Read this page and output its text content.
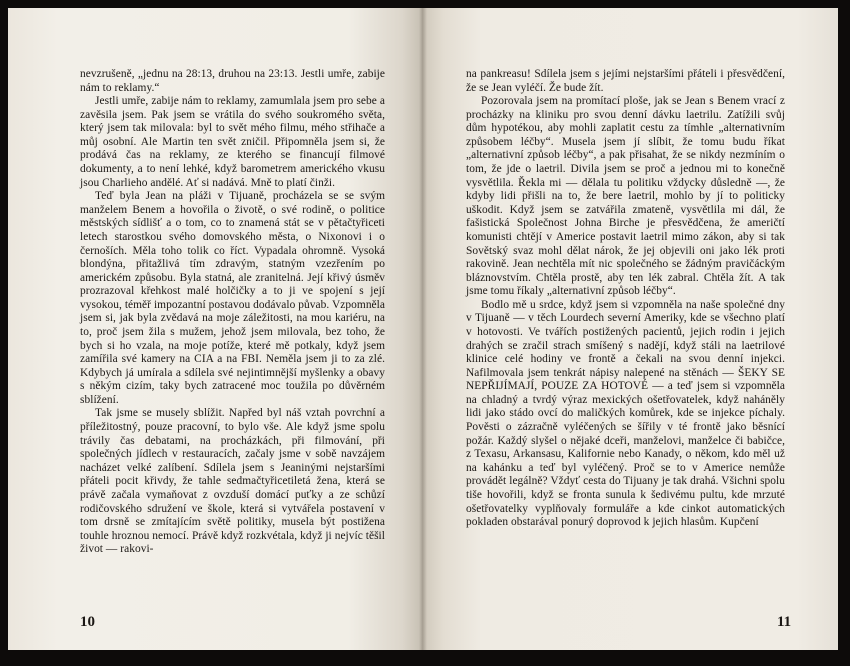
nevzrušeně, „jednu na 28:13, druhou na 23:13. Jestli umře, zabije nám to reklamy.“

Jestli umře, zabije nám to reklamy, zamumlala jsem pro sebe a zavěsila jsem. Pak jsem se vrátila do svého soukromého světa, který jsem tak milovala: byl to svět mého filmu, mého střihače a můj osobní. Ale Martin ten svět zničil. Připomněla jsem si, že prodává čas na reklamy, ze kterého se financují filmové dokumenty, a to není lehké, když barometrem amerického vkusu jsou Charlieho andělé. Ať si nadává. Mně to platí činži.

Teď byla Jean na pláži v Tijuaně, procházela se se svým manželem Benem a hovořila o životě, o své rodině, o politice městských sídlišť a o tom, co to znamená stát se v pětačtyřiceti letech starostkou svého domovského města, o Nixonovi i o černoších. Měla toho tolik co říct. Vypadala ohromně. Vysoká blondýna, přitažlivá tím zdravým, statným vzezřením po americkém způsobu. Byla statná, ale zranitelná. Její křivý úsměv prozrazoval křehkost malé holčičky a to ji ve spojení s její vysokou, téměř impozantní postavou dodávalo půvab. Vzpomněla jsem si, jak byla zvědavá na moje záležitosti, na mou kariéru, na to, proč jsem žila s mužem, jehož jsem milovala, bez toho, že bych si ho vzala, na moje potíže, které mě potkaly, když jsem zamířila své kamery na CIA a na FBI. Neměla jsem ji to za zlé. Kdybych já umírala a sdílela své nejintimnější myšlenky a obavy s někým cizím, taky bych zatracené moc toužila po důvěrném sblížení.

Tak jsme se musely sblížit. Napřed byl náš vztah povrchní a příležitostný, pouze pracovní, to bylo vše. Ale když jsme spolu trávily čas debatami, na procházkách, při filmování, při společných jídlech v restauracích, začaly jsme v sobě navzájem nacházet velké zalíbení. Sdílela jsem s Jeaninými nejstaršími přáteli pocit křivdy, že tahle sedmačtyřicetiletá žena, která se právě začala vymaňovat z ovzduší domácí puťky a ze schůzí rodičovského sdružení ve škole, která si vytvářela postavení v tom drsně se zmítajícím světě politiky, musela být postižena touhle hroznou nemocí. Právě když rozkvétala, když ji nejvíc těšil život — rakovi-

10

na pankreasu! Sdílela jsem s jejími nejstaršími přáteli i přesvědčení, že se Jean vyléčí. Že bude žít.

Pozorovala jsem na promítací ploše, jak se Jean s Benem vrací z procházky na kliniku pro svou denní dávku laetrilu. Zatížili svůj dům hypotékou, aby mohli zaplatit cestu za tímhle „alternativním způsobem léčby“. Musela jsem jí slíbit, že tomu budu říkat „alternativní způsob léčby“, a pak přisahat, že se nikdy nezmíním o tom, že jde o laetril. Divila jsem se proč a jednou mi to konečně vysvětlila. Řekla mi — dělala tu politiku vždycky důsledně —, že kdyby lidi přišli na to, že bere laetril, mohlo by jí to politicky uškodit. Když jsem se zatvářila zmateně, vysvětlila mi dál, že fašistická Společnost Johna Birche je přesvědčena, že američtí komunisti chtějí v Americe postavit laetril mimo zákon, aby si tak Sovětský svaz mohl dělat nárok, že jej objevili oni jako lék proti rakovině. Jean nechtěla mít nic společného se žádným pravičáckým bláznovstvím. Chtěla prostě, aby ten lék zabral. Chtěla žít. A tak jsme tomu říkaly „alternativní způsob léčby“.

Bodlo mě u srdce, když jsem si vzpomněla na naše společné dny v Tijuaně — v těch Lourdech severní Ameriky, kde se všechno platí v hotovosti. Ve tvářích postižených pacientů, jejich rodin i jejich drahých se zračil strach smíšený s nadějí, když stáli na laetrilové klinice celé hodiny ve frontě a čekali na svou denní injekci. Nafilmovala jsem tenkrát nápisy nalepené na stěnách — ŠEKY SE NEPŘIJÍMAJÍ, POUZE ZA HOTOVÉ — a teď jsem si vzpomněla na chladný a tvrdý výraz mexických ošetřovatelek, když naháněly lidi jako stádo ovcí do maličkých komůrek, kde se injekce píchaly. Pověsti o zázračně vyléčených se šířily v té frontě jako běsnící požár. Každý slyšel o nějaké dceři, manželovi, manželce či babičce, z Texasu, Arkansasu, Kalifornie nebo Kanady, o někom, kdo měl už na kahánku a teď byl vyléčený. Proč se to v Americe nemůže provádět legálně? Vždyť cesta do Tijuany je tak drahá. Všichni spolu tiše hovořili, když se fronta sunula k šedivému pultu, kde mrzuté ošetřovatelky vyplňovaly formuláře a kde cinkot automatických pokladen obstarával ponurý doprovod k jejich hlasům. Kupčení

11
